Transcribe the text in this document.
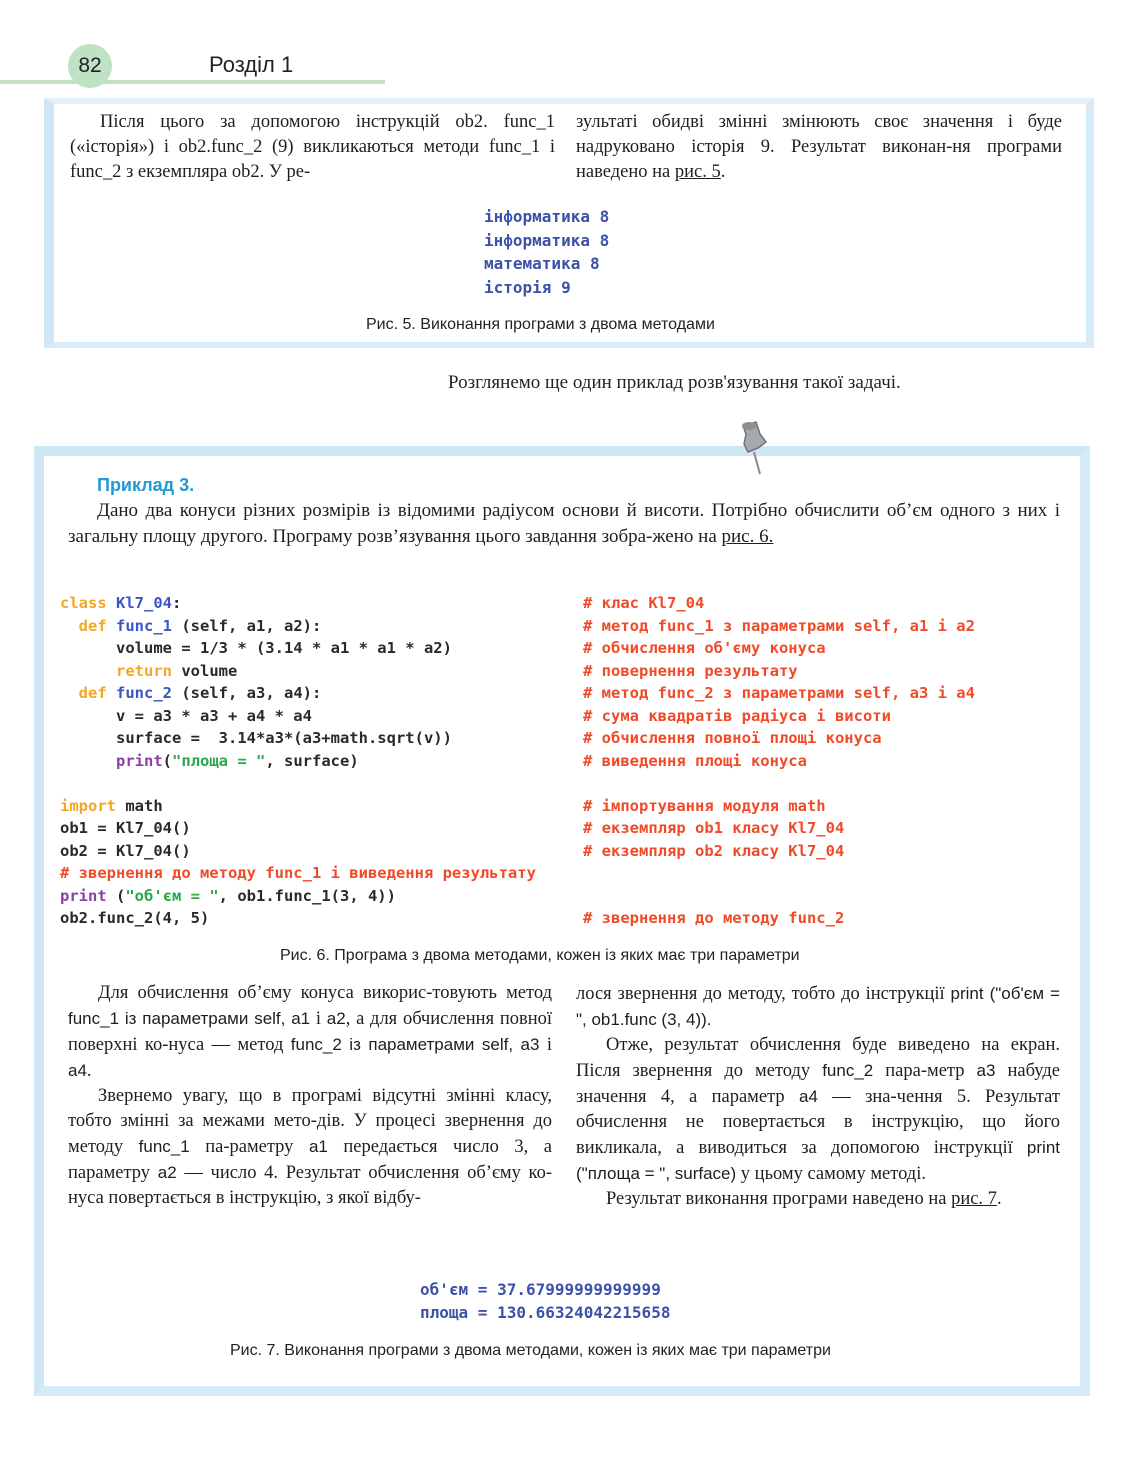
82	Розділ 1

Після цього за допомогою інструкцій ob2. func_1 («історія») і ob2.func_2 (9) викликаються методи func_1 і func_2 з екземпляра ob2. У ре-

зультаті обидві змінні змінюють своє значення і буде надруковано історія 9. Результат виконан-ня програми наведено на рис. 5.

інформатика 8
інформатика 8
математика 8
історія 9
Рис. 5. Виконання програми з двома методами
Розглянемо ще один приклад розв'язування такої задачі.
Приклад 3.

Дано два конуси різних розмірів із відомими радіусом основи й висоти. Потрібно обчислити об’єм одного з них і загальну площу другого. Програму розв’язування цього завдання зобра-жено на рис. 6.

class Kl7_04:
def func_1 (self, a1, a2):
volume = 1/3 * (3.14 * a1 * a1 * a2)
return volume
def func_2 (self, a3, a4):
v = a3 * a3 + a4 * a4
surface =  3.14*a3*(a3+math.sqrt(v))
print("площа = ", surface)

import math
ob1 = Kl7_04()
ob2 = Kl7_04()
# звернення до методу func_1 і виведення результату
print ("об'єм = ", ob1.func_1(3, 4))
ob2.func_2(4, 5)
# клас Kl7_04
# метод func_1 з параметрами self, a1 і a2
# обчислення об'єму конуса
# повернення результату
# метод func_2 з параметрами self, a3 і a4
# сума квадратів радіуса і висоти
# обчислення повної площі конуса
# виведення площі конуса

# імпортування модуля math
# екземпляр ob1 класу Kl7_04
# екземпляр ob2 класу Kl7_04

# звернення до методу func_2
Рис. 6. Програма з двома методами, кожен із яких має три параметри

Для обчислення об’єму конуса викорис-товують метод func_1 із параметрами self, a1 і a2, а для обчислення повної поверхні ко-нуса — метод func_2 із параметрами self, a3 і a4.

Звернемо увагу, що в програмі відсутні змінні класу, тобто змінні за межами мето-дів. У процесі звернення до методу func_1 па-раметру a1 передається число 3, а параметру a2 — число 4. Результат обчислення об’єму ко-нуса повертається в інструкцію, з якої відбу-

лося звернення до методу, тобто до інструкції print ("об'єм = ", ob1.func (3, 4)).

Отже, результат обчислення буде виведено на екран. Після звернення до методу func_2 пара-метр a3 набуде значення 4, а параметр a4 — зна-чення 5. Результат обчислення не повертається в інструкцію, що його викликала, а виводиться за допомогою інструкції print ("площа = ", surface) у цьому самому методі.

Результат виконання програми наведено на рис. 7.

об'єм = 37.67999999999999
площа = 130.66324042215658
Рис. 7. Виконання програми з двома методами, кожен із яких має три параметри
